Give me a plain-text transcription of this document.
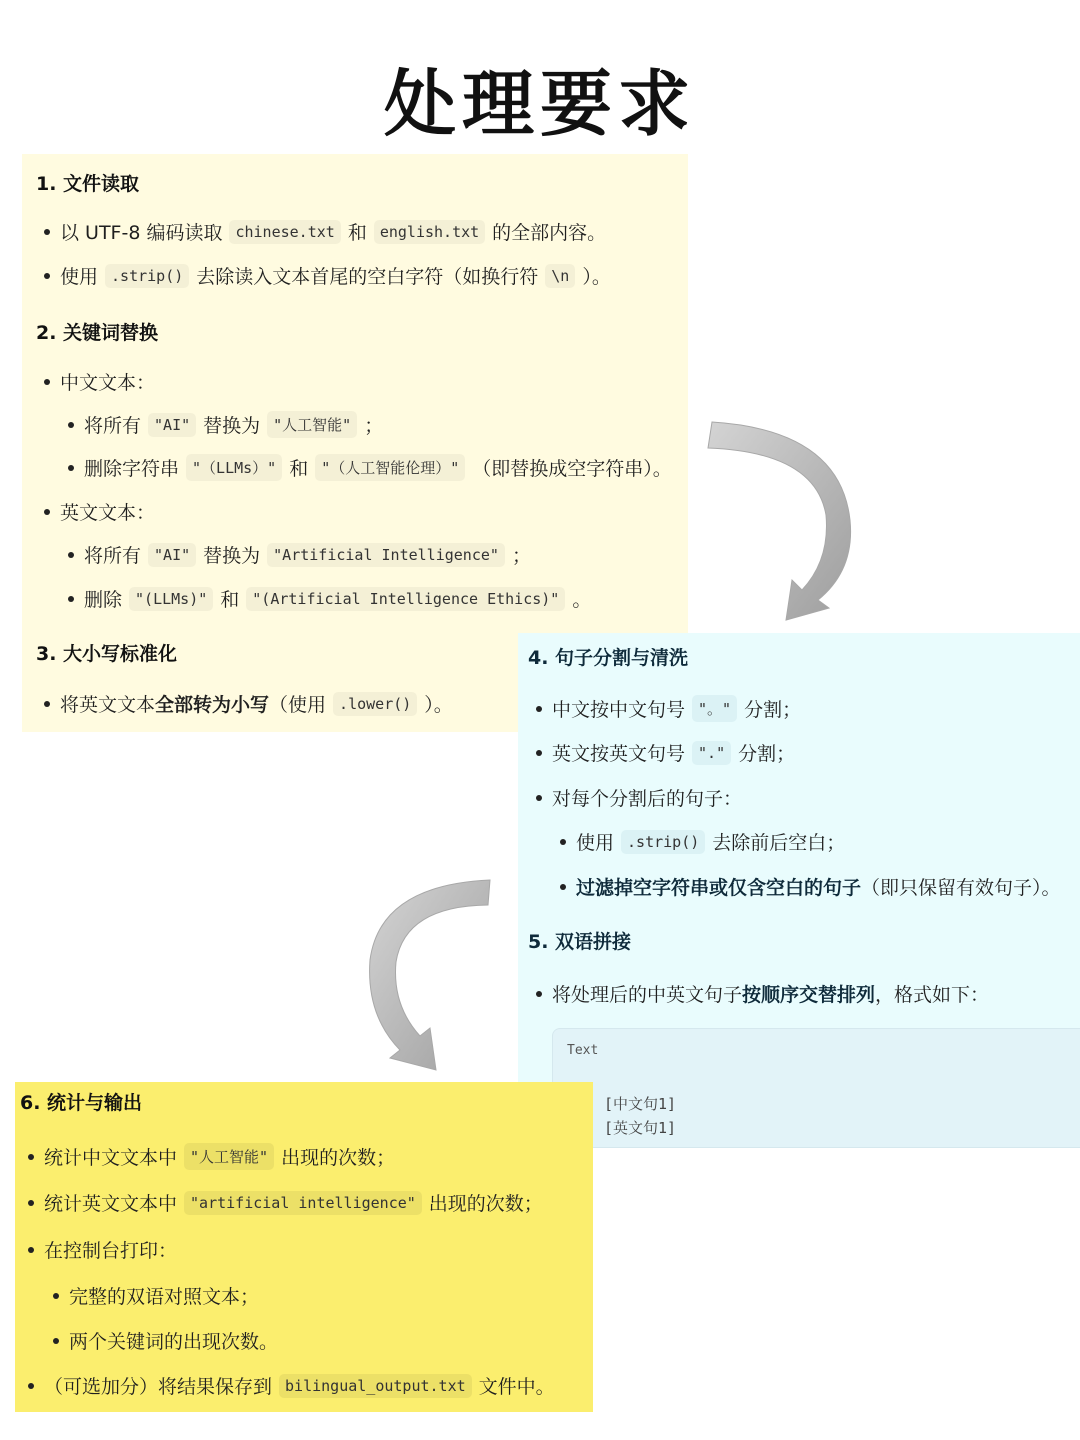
处理要求
1. 文件读取
以 UTF-8 编码读取 chinese.txt 和 english.txt 的全部内容。
使用 .strip() 去除读入文本首尾的空白字符（如换行符 \n ）。
2. 关键词替换
中文文本：
将所有 "AI" 替换为 "人工智能" ；
删除字符串 "（LLMs）" 和 "（人工智能伦理）" （即替换成空字符串）。
英文文本：
将所有 "AI" 替换为 "Artificial Intelligence" ；
删除 "(LLMs)" 和 "(Artificial Intelligence Ethics)" 。
3. 大小写标准化
将英文文本 全部转为小写 （使用 .lower() ）。
4. 句子分割与清洗
中文按中文句号 "。" 分割；
英文按英文句号 "." 分割；
对每个分割后的句子：
使用 .strip() 去除前后空白；
过滤掉空字符串或仅含空白的句子 （即只保留有效句子）。
5. 双语拼接
将处理后的中英文句子 按顺序交替排列 ，格式如下：
Text
[中文句1]
[英文句1]
6. 统计与输出
统计中文文本中 "人工智能" 出现的次数；
统计英文文本中 "artificial intelligence" 出现的次数；
在控制台打印：
完整的双语对照文本；
两个关键词的出现次数。
（可选加分）将结果保存到 bilingual_output.txt 文件中。
